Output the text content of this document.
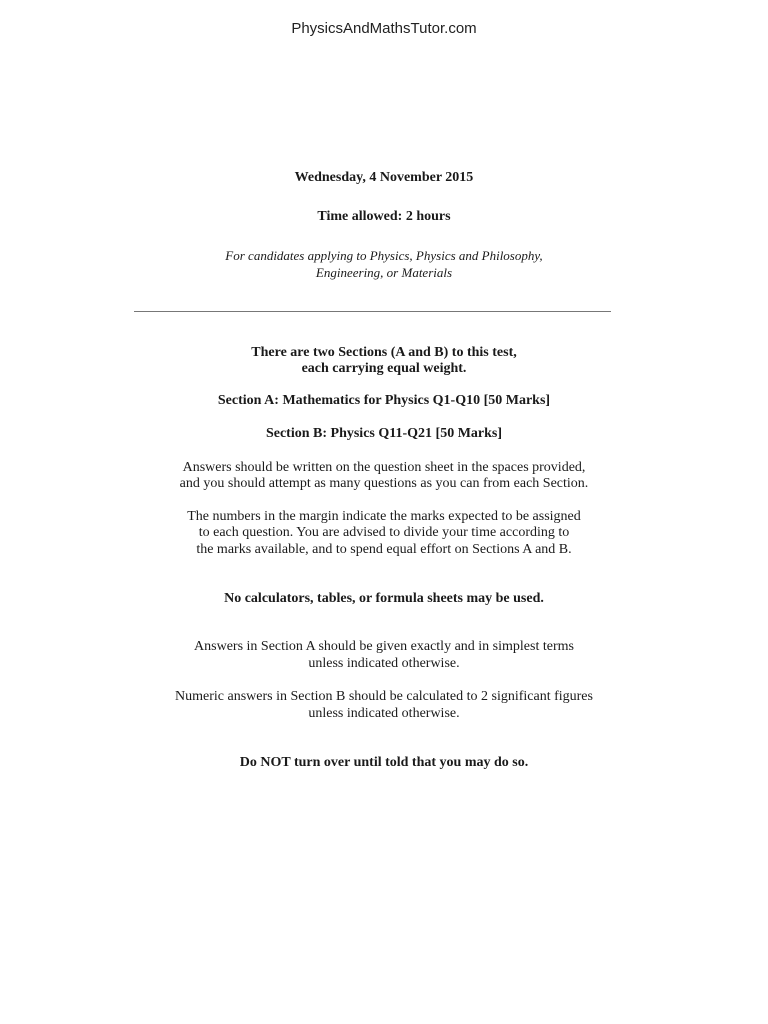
PhysicsAndMathsTutor.com
Wednesday, 4 November 2015
Time allowed: 2 hours
For candidates applying to Physics, Physics and Philosophy,
Engineering, or Materials
There are two Sections (A and B) to this test,
each carrying equal weight.
Section A: Mathematics for Physics Q1-Q10 [50 Marks]
Section B: Physics Q11-Q21 [50 Marks]
Answers should be written on the question sheet in the spaces provided,
and you should attempt as many questions as you can from each Section.
The numbers in the margin indicate the marks expected to be assigned
to each question. You are advised to divide your time according to
the marks available, and to spend equal effort on Sections A and B.
No calculators, tables, or formula sheets may be used.
Answers in Section A should be given exactly and in simplest terms
unless indicated otherwise.
Numeric answers in Section B should be calculated to 2 significant figures
unless indicated otherwise.
Do NOT turn over until told that you may do so.
